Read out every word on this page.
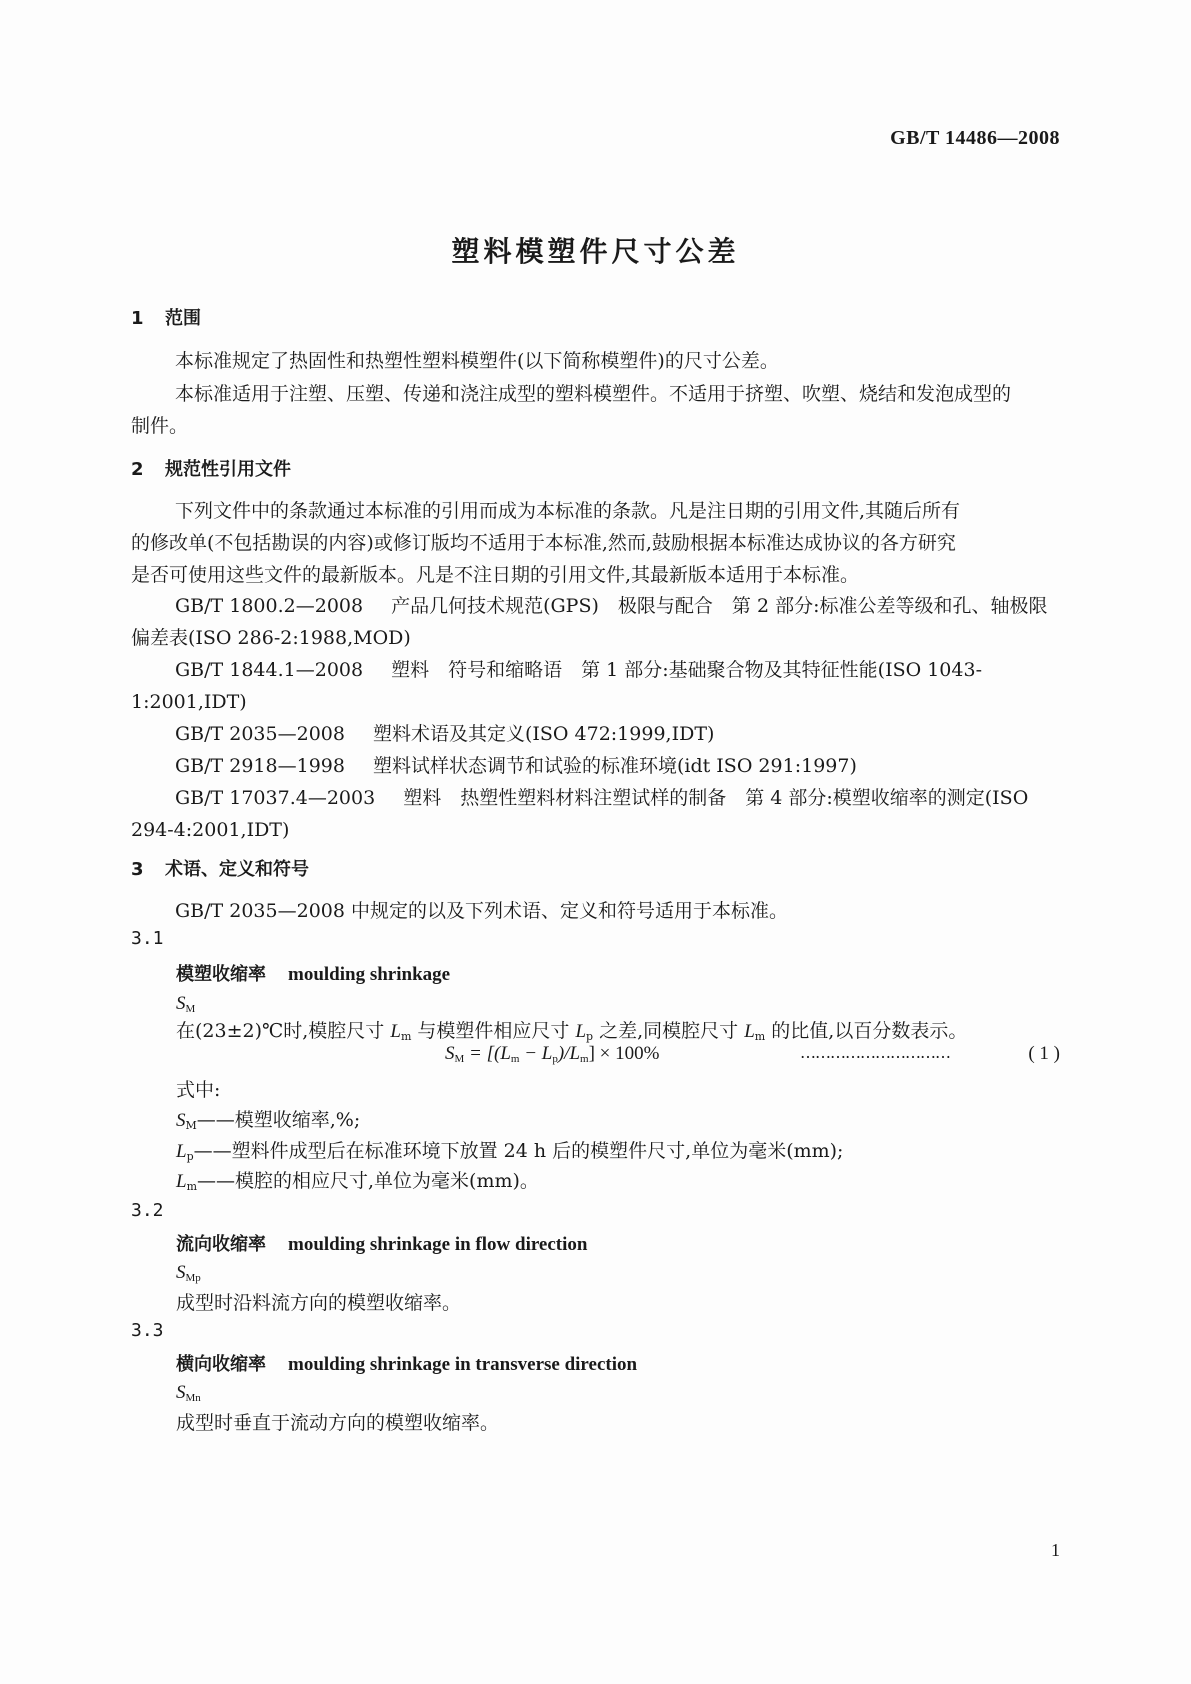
GB/T 14486—2008
塑料模塑件尺寸公差
1 范围
本标准规定了热固性和热塑性塑料模塑件(以下简称模塑件)的尺寸公差。
本标准适用于注塑、压塑、传递和浇注成型的塑料模塑件。不适用于挤塑、吹塑、烧结和发泡成型的
制件。
2 规范性引用文件
下列文件中的条款通过本标准的引用而成为本标准的条款。凡是注日期的引用文件,其随后所有
的修改单(不包括勘误的内容)或修订版均不适用于本标准,然而,鼓励根据本标准达成协议的各方研究
是否可使用这些文件的最新版本。凡是不注日期的引用文件,其最新版本适用于本标准。
GB/T 1800.2—2008 产品几何技术规范(GPS)　极限与配合　第 2 部分:标准公差等级和孔、轴极限偏差表(ISO 286-2:1988,MOD)
GB/T 1844.1—2008 塑料　符号和缩略语　第 1 部分:基础聚合物及其特征性能(ISO 1043-1:2001,IDT)
GB/T 2035—2008 塑料术语及其定义(ISO 472:1999,IDT)
GB/T 2918—1998 塑料试样状态调节和试验的标准环境(idt ISO 291:1997)
GB/T 17037.4—2003 塑料　热塑性塑料材料注塑试样的制备　第 4 部分:模塑收缩率的测定(ISO 294-4:2001,IDT)
3 术语、定义和符号
GB/T 2035—2008 中规定的以及下列术语、定义和符号适用于本标准。
3.1
模塑收缩率 moulding shrinkage
$S_M$
在(23±2)℃时,模腔尺寸 $L_m$ 与模塑件相应尺寸 $L_p$ 之差,同模腔尺寸 $L_m$ 的比值,以百分数表示。
$S_M = [(L_m - L_p)/L_m] \times 100\%$	…………………………	( 1 )
式中:
$S_M——$模塑收缩率,%;
$L_p——$塑料件成型后在标准环境下放置 24 h 后的模塑件尺寸,单位为毫米(mm);
$L_m——$模腔的相应尺寸,单位为毫米(mm)。
3.2
流向收缩率 moulding shrinkage in flow direction
$S_{Mp}$
成型时沿料流方向的模塑收缩率。
3.3
横向收缩率 moulding shrinkage in transverse direction
$S_{Mn}$
成型时垂直于流动方向的模塑收缩率。
1
